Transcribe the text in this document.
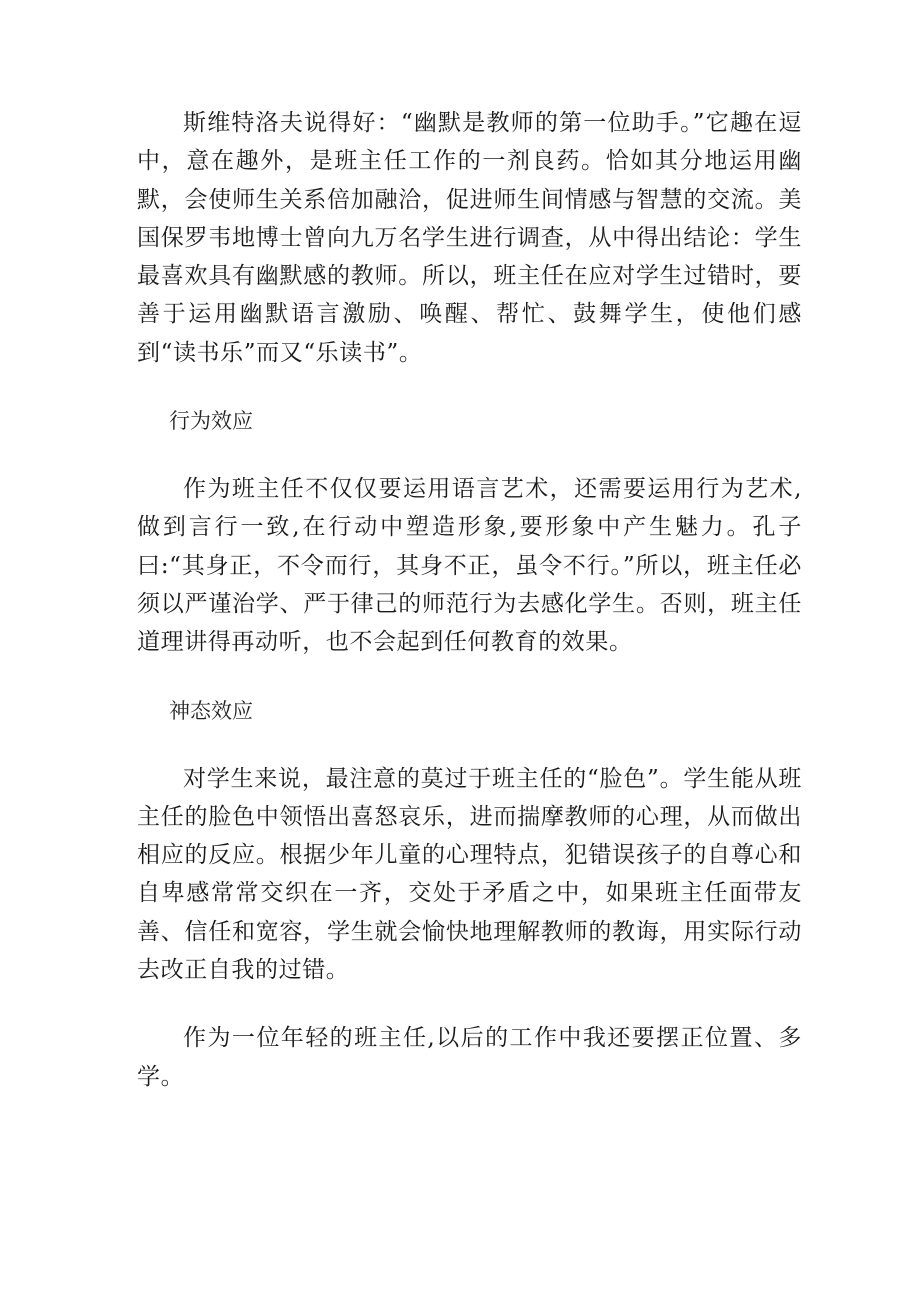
斯维特洛夫说得好：“幽默是教师的第一位助手。”它趣在逗中，意在趣外，是班主任工作的一剂良药。恰如其分地运用幽默，会使师生关系倍加融洽，促进师生间情感与智慧的交流。美国保罗韦地博士曾向九万名学生进行调查，从中得出结论：学生最喜欢具有幽默感的教师。所以，班主任在应对学生过错时，要善于运用幽默语言激励、唤醒、帮忙、鼓舞学生，使他们感到“读书乐”而又“乐读书”。

行为效应

作为班主任不仅仅要运用语言艺术，还需要运用行为艺术,做到言行一致,在行动中塑造形象,要形象中产生魅力。孔子曰:“其身正，不令而行，其身不正，虽令不行。”所以，班主任必须以严谨治学、严于律己的师范行为去感化学生。否则，班主任道理讲得再动听，也不会起到任何教育的效果。

神态效应

对学生来说，最注意的莫过于班主任的“脸色”。学生能从班主任的脸色中领悟出喜怒哀乐，进而揣摩教师的心理，从而做出相应的反应。根据少年儿童的心理特点，犯错误孩子的自尊心和自卑感常常交织在一齐，交处于矛盾之中，如果班主任面带友善、信任和宽容，学生就会愉快地理解教师的教诲，用实际行动去改正自我的过错。

作为一位年轻的班主任,以后的工作中我还要摆正位置、多学。
